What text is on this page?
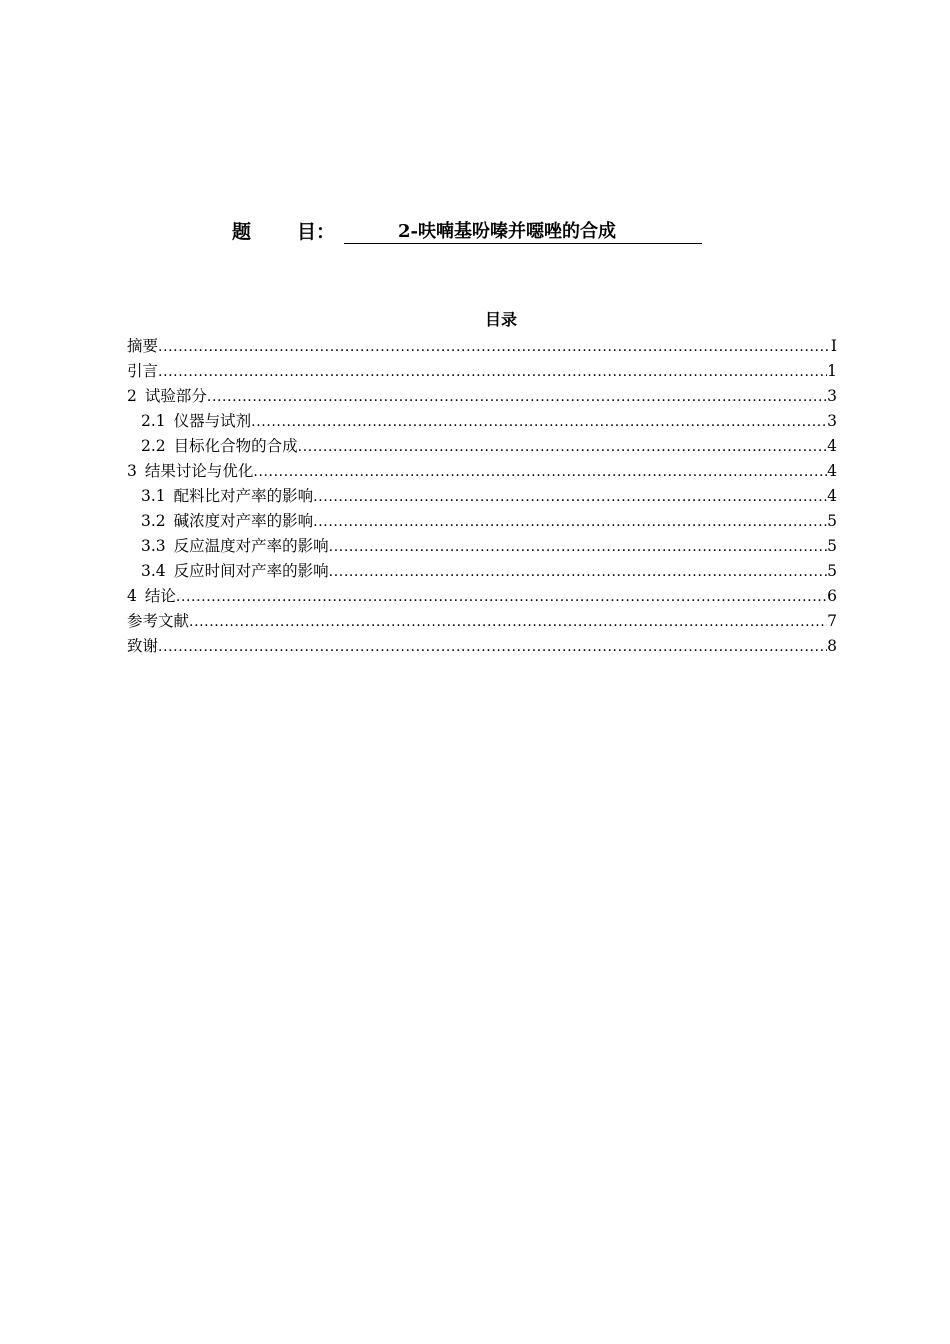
题 目：	2-呋喃基吩嗪并噁唑的合成
目录
摘要 .....	I
引言 .....	1
2 试验部分 .....	3
2.1 仪器与试剂 .....	3
2.2 目标化合物的合成 .....	4
3 结果讨论与优化 .....	4
3.1 配料比对产率的影响 .....	4
3.2 碱浓度对产率的影响 .....	5
3.3 反应温度对产率的影响 .....	5
3.4 反应时间对产率的影响 .....	5
4 结论 .....	6
参考文献 .....	7
致谢 .....	8
